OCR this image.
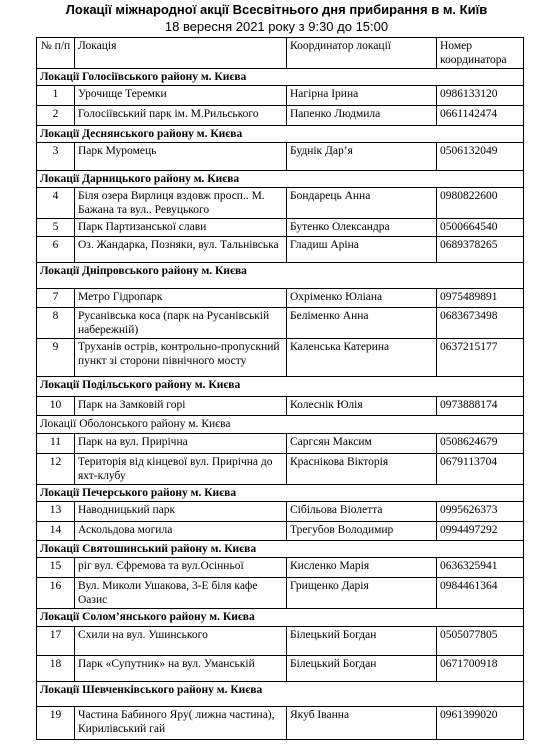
Локації міжнародної акції Всесвітнього дня прибирання в м. Київ
18 вересня 2021 року з 9:30 до 15:00
№ п/п	Локація	Координатор локації	Номер координатора
Локації Голосіївського району м. Києва			
1	Урочище Теремки	Нагірна Ірина	0986133120
2	Голосіївський парк ім. М.Рильського	Папенко Людмила	0661142474
Локації Деснянського району м. Києва			
3	Парк Муромець	Буднік Дар’я	0506132049
Локації Дарницького району м. Києва			
4	Біля озера Вирлиця вздовж просп.. М. Бажана та вул.. Ревуцького	Бондарець Анна	0980822600
5	Парк Партизанської слави	Бутенко Олександра	0500664540
6	Оз. Жандарка, Позняки, вул. Тальнівська	Гладиш Аріна	0689378265
Локації Дніпровського району м. Києва			
7	Метро Гідропарк	Охріменко Юліана	0975489891
8	Русанівська коса (парк на Русанівській набережній)	Беліменко Анна	0683673498
9	Труханів острів, контрольно-пропускний пункт зі сторони північного мосту	Каленська Катерина	0637215177
Локації Подільського району м. Києва			
10	Парк на Замковій горі	Колеснік Юлія	0973888174
Локації Оболонського району м. Києва			
11	Парк на вул. Прирічна	Саргсян Максим	0508624679
12	Територія від кінцевої вул. Прирічна до яхт-клубу	Краснікова Вікторія	0679113704
Локації Печерського району м. Києва			
13	Наводницький парк	Сібільова Віолетта	0995626373
14	Аскольдова могила	Трегубов Володимир	0994497292
Локації Святошинський району м. Києва			
15	ріг вул. Єфремова та вул.Осінньої	Кисленко Марія	0636325941
16	Вул. Миколи Ушакова, 3-Е біля кафе Оазис	Грищенко Дарія	0984461364
Локації Солом’янського району м. Києва			
17	Схили на вул. Ушинського	Білецький Богдан	0505077805
18	Парк «Супутник» на вул. Уманській	Білецький Богдан	0671700918
Локації Шевченківського району м. Києва			
19	Частина Бабиного Яру( лижна частина), Кирилівський гай	Якуб Іванна	0961399020
